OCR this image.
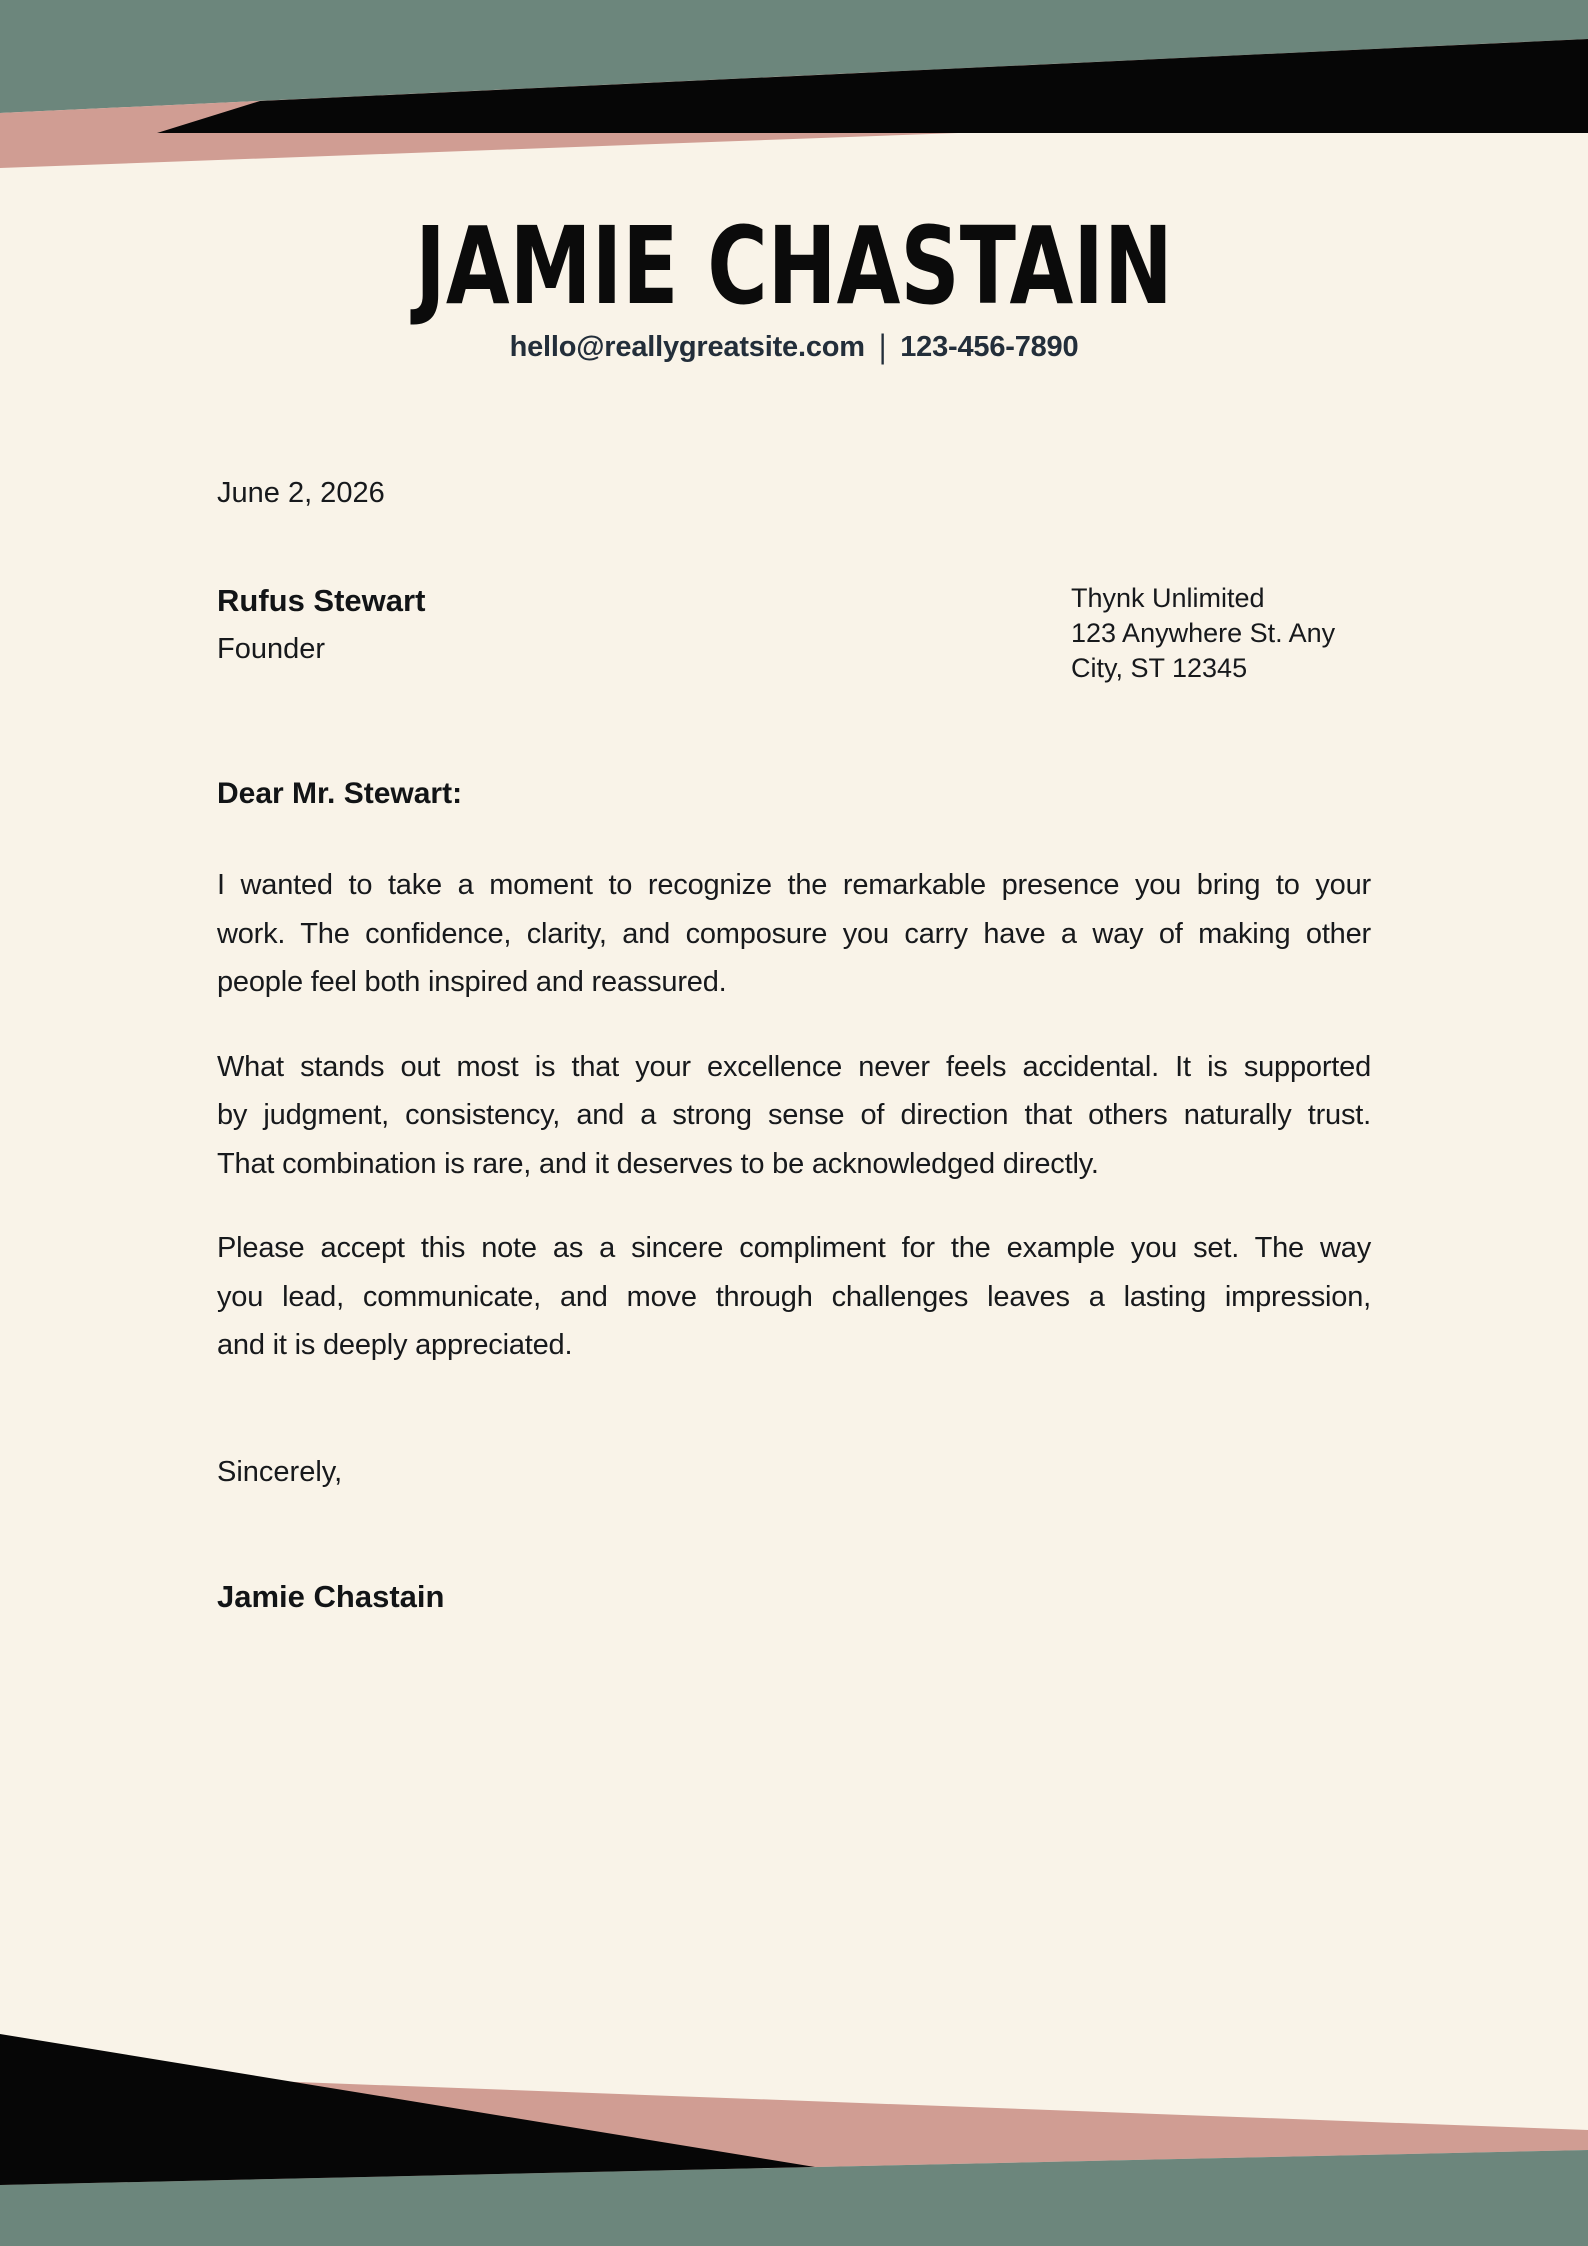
JAMIE CHASTAIN
hello@reallygreatsite.com | 123-456-7890
June 2, 2026
Rufus Stewart
Founder
Thynk Unlimited
123 Anywhere St. Any
City, ST 12345
Dear Mr. Stewart:
I wanted to take a moment to recognize the remarkable presence you bring to your
work. The confidence, clarity, and composure you carry have a way of making other
people feel both inspired and reassured.
What stands out most is that your excellence never feels accidental. It is supported
by judgment, consistency, and a strong sense of direction that others naturally trust.
That combination is rare, and it deserves to be acknowledged directly.
Please accept this note as a sincere compliment for the example you set. The way
you lead, communicate, and move through challenges leaves a lasting impression,
and it is deeply appreciated.
Sincerely,
Jamie Chastain
